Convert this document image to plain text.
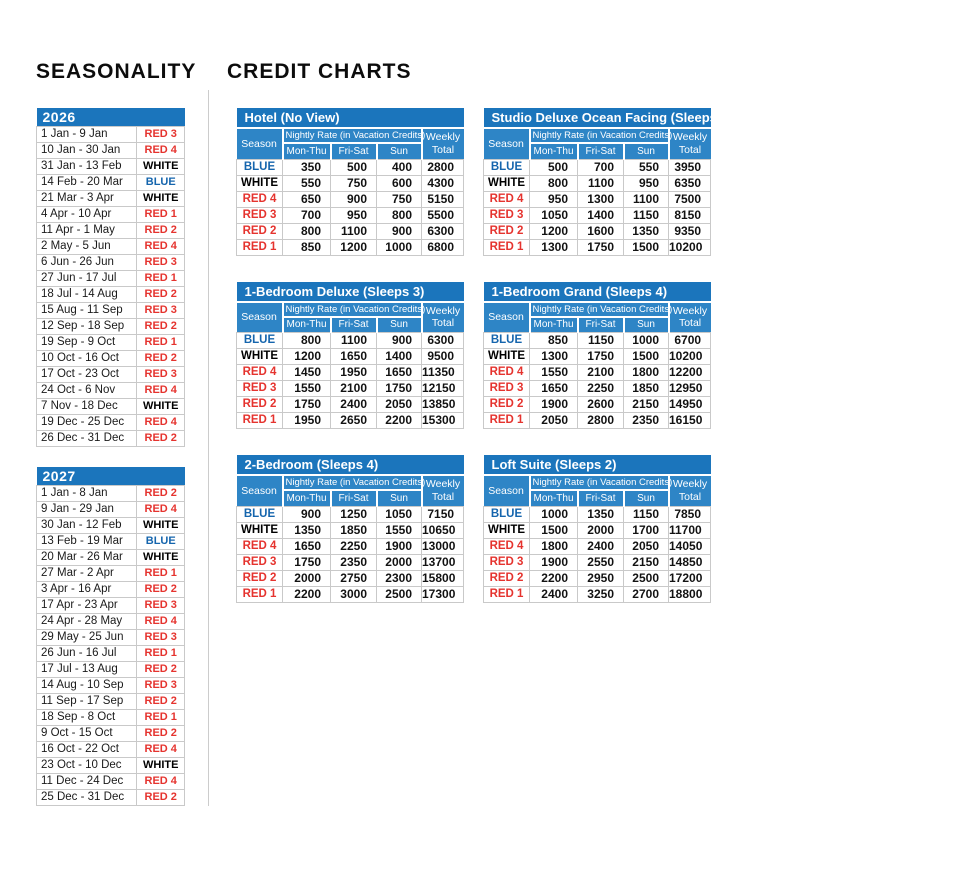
SEASONALITY CREDIT CHARTS
2026	
1 Jan - 9 Jan	RED 3
10 Jan - 30 Jan	RED 4
31 Jan - 13 Feb	WHITE
14 Feb - 20 Mar	BLUE
21 Mar - 3 Apr	WHITE
4 Apr - 10 Apr	RED 1
11 Apr - 1 May	RED 2
2 May - 5 Jun	RED 4
6 Jun - 26 Jun	RED 3
27 Jun - 17 Jul	RED 1
18 Jul - 14 Aug	RED 2
15 Aug - 11 Sep	RED 3
12 Sep - 18 Sep	RED 2
19 Sep - 9 Oct	RED 1
10 Oct - 16 Oct	RED 2
17 Oct - 23 Oct	RED 3
24 Oct - 6 Nov	RED 4
7 Nov - 18 Dec	WHITE
19 Dec - 25 Dec	RED 4
26 Dec - 31 Dec	RED 2
2027	
1 Jan - 8 Jan	RED 2
9 Jan - 29 Jan	RED 4
30 Jan - 12 Feb	WHITE
13 Feb - 19 Mar	BLUE
20 Mar - 26 Mar	WHITE
27 Mar - 2 Apr	RED 1
3 Apr - 16 Apr	RED 2
17 Apr - 23 Apr	RED 3
24 Apr - 28 May	RED 4
29 May - 25 Jun	RED 3
26 Jun - 16 Jul	RED 1
17 Jul - 13 Aug	RED 2
14 Aug - 10 Sep	RED 3
11 Sep - 17 Sep	RED 2
18 Sep - 8 Oct	RED 1
9 Oct - 15 Oct	RED 2
16 Oct - 22 Oct	RED 4
23 Oct - 10 Dec	WHITE
11 Dec - 24 Dec	RED 4
25 Dec - 31 Dec	RED 2
Hotel (No View)				
Season	Nightly Rate (in Vacation Credits)			Weekly Total
	Mon-Thu	Fri-Sat	Sun	
BLUE	350	500	400	2800
WHITE	550	750	600	4300
RED 4	650	900	750	5150
RED 3	700	950	800	5500
RED 2	800	1100	900	6300
RED 1	850	1200	1000	6800
Studio Deluxe Ocean Facing (Sleeps 2)				
Season	Nightly Rate (in Vacation Credits)			Weekly Total
	Mon-Thu	Fri-Sat	Sun	
BLUE	500	700	550	3950
WHITE	800	1100	950	6350
RED 4	950	1300	1100	7500
RED 3	1050	1400	1150	8150
RED 2	1200	1600	1350	9350
RED 1	1300	1750	1500	10200
1-Bedroom Deluxe (Sleeps 3)				
Season	Nightly Rate (in Vacation Credits)			Weekly Total
	Mon-Thu	Fri-Sat	Sun	
BLUE	800	1100	900	6300
WHITE	1200	1650	1400	9500
RED 4	1450	1950	1650	11350
RED 3	1550	2100	1750	12150
RED 2	1750	2400	2050	13850
RED 1	1950	2650	2200	15300
1-Bedroom Grand (Sleeps 4)				
Season	Nightly Rate (in Vacation Credits)			Weekly Total
	Mon-Thu	Fri-Sat	Sun	
BLUE	850	1150	1000	6700
WHITE	1300	1750	1500	10200
RED 4	1550	2100	1800	12200
RED 3	1650	2250	1850	12950
RED 2	1900	2600	2150	14950
RED 1	2050	2800	2350	16150
2-Bedroom (Sleeps 4)				
Season	Nightly Rate (in Vacation Credits)			Weekly Total
	Mon-Thu	Fri-Sat	Sun	
BLUE	900	1250	1050	7150
WHITE	1350	1850	1550	10650
RED 4	1650	2250	1900	13000
RED 3	1750	2350	2000	13700
RED 2	2000	2750	2300	15800
RED 1	2200	3000	2500	17300
Loft Suite (Sleeps 2)				
Season	Nightly Rate (in Vacation Credits)			Weekly Total
	Mon-Thu	Fri-Sat	Sun	
BLUE	1000	1350	1150	7850
WHITE	1500	2000	1700	11700
RED 4	1800	2400	2050	14050
RED 3	1900	2550	2150	14850
RED 2	2200	2950	2500	17200
RED 1	2400	3250	2700	18800
